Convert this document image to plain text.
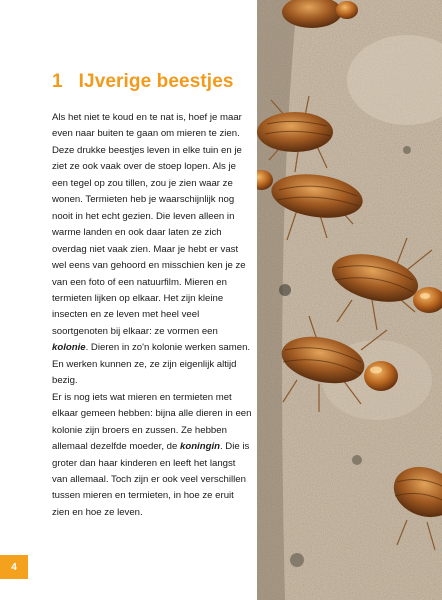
1 IJverige beestjes

Als het niet te koud en te nat is, hoef je maar even naar buiten te gaan om mieren te zien. Deze drukke beestjes leven in elke tuin en je ziet ze ook vaak over de stoep lopen. Als je een tegel op zou tillen, zou je zien waar ze wonen. Termieten heb je waarschijnlijk nog nooit in het echt gezien. Die leven alleen in warme landen en ook daar laten ze zich overdag niet vaak zien. Maar je hebt er vast wel eens van gehoord en misschien ken je ze van een foto of een natuurfilm. Mieren en termieten lijken op elkaar. Het zijn kleine insecten en ze leven met heel veel soortgenoten bij elkaar: ze vormen een kolonie. Dieren in zo'n kolonie werken samen. En werken kunnen ze, ze zijn eigenlijk altijd bezig.

Er is nog iets wat mieren en termieten met elkaar gemeen hebben: bijna alle dieren in een kolonie zijn broers en zussen. Ze hebben allemaal dezelfde moeder, de koningin. Die is groter dan haar kinderen en leeft het langst van allemaal. Toch zijn er ook veel verschillen tussen mieren en termieten, in hoe ze eruit zien en hoe ze leven.

4
